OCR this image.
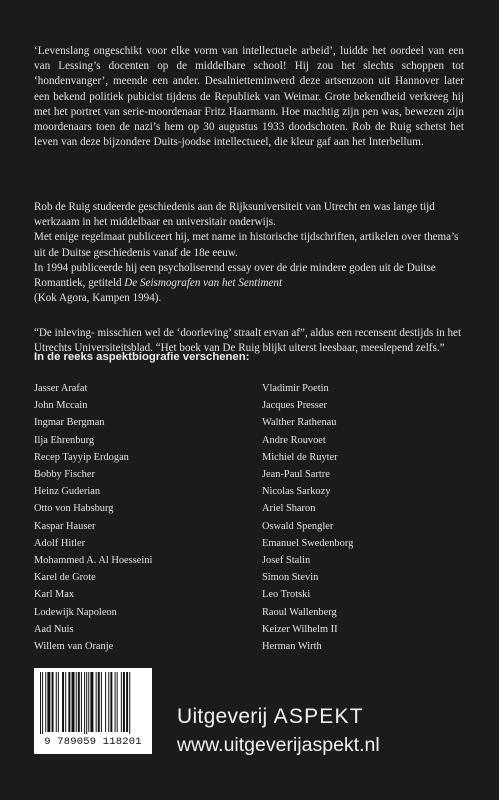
‘Levenslang ongeschikt voor elke vorm van intellectuele arbeid’, luidde het oordeel van een van Lessing’s docenten op de middelbare school! Hij zou het slechts schoppen tot ‘hondenvanger’, meende een ander. Desalnietteminwerd deze artsenzoon uit Hannover later een bekend politiek pubicist tijdens de Republiek van Weimar. Grote bekendheid verkreeg hij met het portret van serie-moordenaar Fritz Haarmann. Hoe machtig zijn pen was, bewezen zijn moordenaars toen de nazi’s hem op 30 augustus 1933 doodschoten. Rob de Ruig schetst het leven van deze bijzondere Duits-joodse intellectueel, die kleur gaf aan het Interbellum.

Rob de Ruig studeerde geschiedenis aan de Rijksuniversiteit van Utrecht en was lange tijd werkzaam in het middelbaar en universitair onderwijs.

Met enige regelmaat publiceert hij, met name in historische tijdschriften, artikelen over thema’s uit de Duitse geschiedenis vanaf de 18e eeuw.

In 1994 publiceerde hij een psycholiserend essay over de drie mindere goden uit de Duitse Romantiek, getiteld De Seismografen van het Sentiment
(Kok Agora, Kampen 1994).

“De inleving- misschien wel de ‘doorleving’ straalt ervan af”, aldus een recensent destijds in het Utrechts Universiteitsblad. “Het boek van De Ruig blijkt uiterst leesbaar, meeslepend zelfs.”

In de reeks aspektbiografie verschenen:
Jasser Arafat
John Mccain
Ingmar Bergman
Ilja Ehrenburg
Recep Tayyip Erdogan
Bobby Fischer
Heinz Guderian
Otto von Habsburg
Kaspar Hauser
Adolf Hitler
Mohammed A. Al Hoesseini
Karel de Grote
Karl Max
Lodewijk Napoleon
Aad Nuis
Willem van Oranje
Vladimir Poetin
Jacques Presser
Walther Rathenau
Andre Rouvoet
Michiel de Ruyter
Jean-Paul Sartre
Nicolas Sarkozy
Ariel Sharon
Oswald Spengler
Emanuel Swedenborg
Josef Stalin
Simon Stevin
Leo Trotski
Raoul Wallenberg
Keizer Wilhelm II
Herman Wirth
9 789059 118201
Uitgeverij ASPEKT
www.uitgeverijaspekt.nl
